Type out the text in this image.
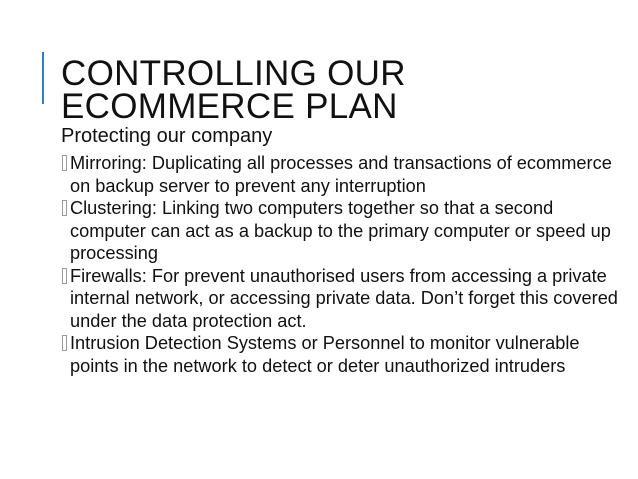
CONTROLLING OUR
ECOMMERCE PLAN
Protecting our company
Mirroring: Duplicating all processes and transactions of ecommerce on backup server to prevent any interruption
Clustering: Linking two computers together so that a second computer can act as a backup to the primary computer or speed up processing
Firewalls: For prevent unauthorised users from accessing a private internal network, or accessing private data. Don’t forget this covered under the data protection act.
Intrusion Detection Systems or Personnel to monitor vulnerable points in the network to detect or deter unauthorized intruders
